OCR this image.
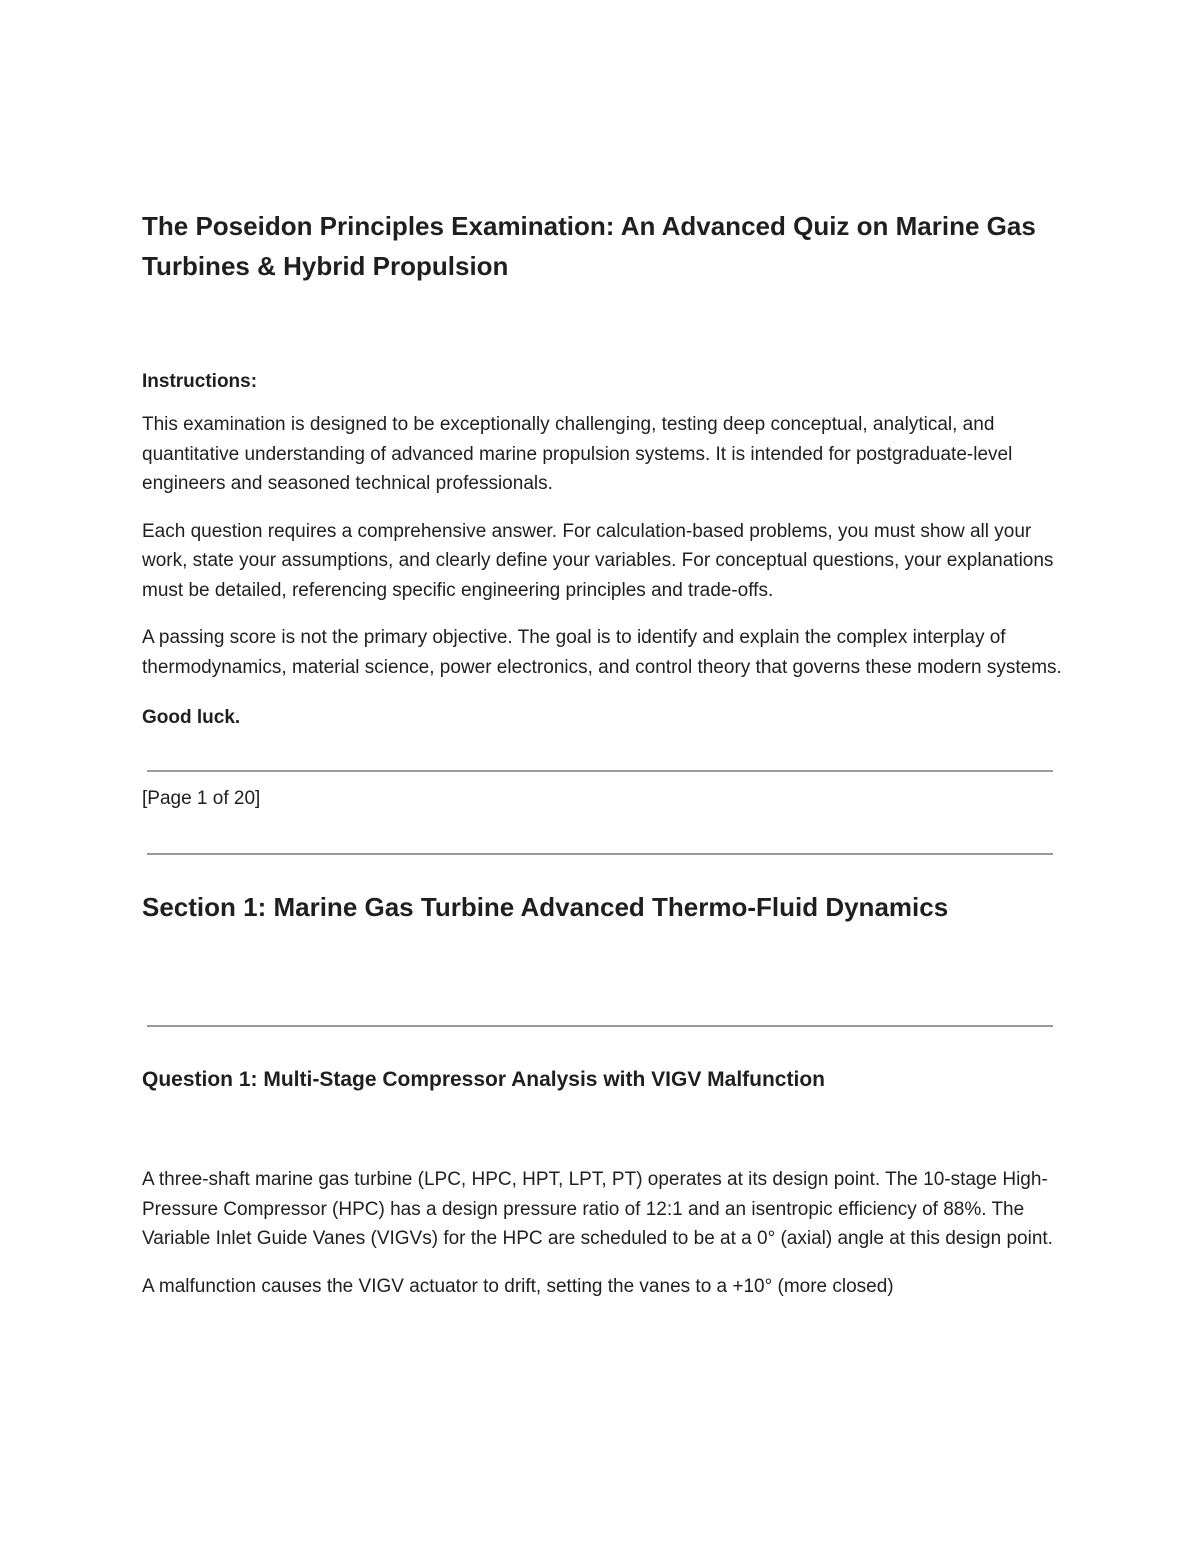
The Poseidon Principles Examination: An Advanced Quiz on Marine Gas Turbines & Hybrid Propulsion
Instructions:

This examination is designed to be exceptionally challenging, testing deep conceptual, analytical, and quantitative understanding of advanced marine propulsion systems. It is intended for postgraduate-level engineers and seasoned technical professionals.

Each question requires a comprehensive answer. For calculation-based problems, you must show all your work, state your assumptions, and clearly define your variables. For conceptual questions, your explanations must be detailed, referencing specific engineering principles and trade-offs.

A passing score is not the primary objective. The goal is to identify and explain the complex interplay of thermodynamics, material science, power electronics, and control theory that governs these modern systems.

Good luck.
[Page 1 of 20]
Section 1: Marine Gas Turbine Advanced Thermo-Fluid Dynamics
Question 1: Multi-Stage Compressor Analysis with VIGV Malfunction

A three-shaft marine gas turbine (LPC, HPC, HPT, LPT, PT) operates at its design point. The 10-stage High-Pressure Compressor (HPC) has a design pressure ratio of 12:1 and an isentropic efficiency of 88%. The Variable Inlet Guide Vanes (VIGVs) for the HPC are scheduled to be at a 0° (axial) angle at this design point.

A malfunction causes the VIGV actuator to drift, setting the vanes to a +10° (more closed)
